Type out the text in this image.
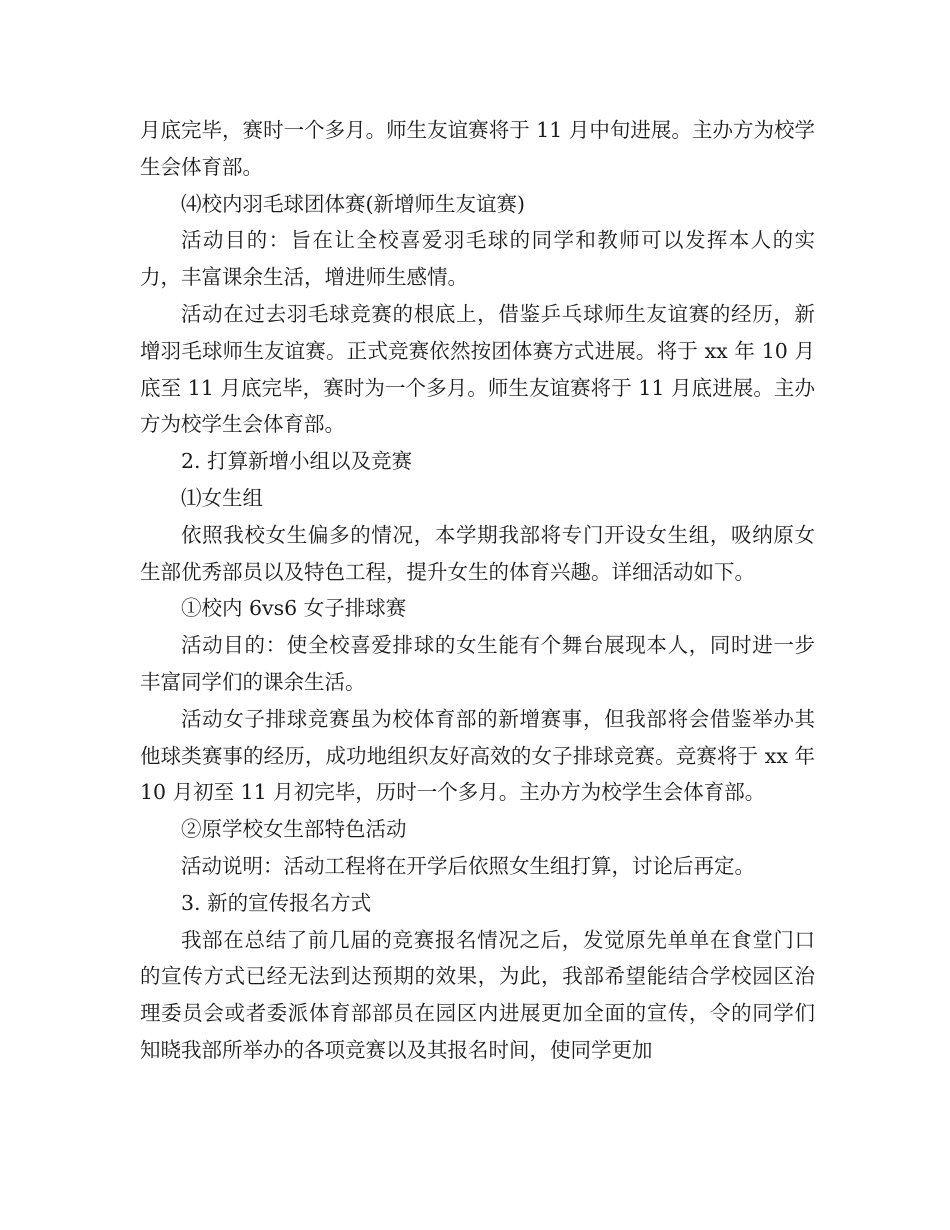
月底完毕，赛时一个多月。师生友谊赛将于 11 月中旬进展。主办方为校学生会体育部。

⑷校内羽毛球团体赛(新增师生友谊赛)

活动目的：旨在让全校喜爱羽毛球的同学和教师可以发挥本人的实力，丰富课余生活，增进师生感情。

活动在过去羽毛球竞赛的根底上，借鉴乒乓球师生友谊赛的经历，新增羽毛球师生友谊赛。正式竞赛依然按团体赛方式进展。将于 xx 年 10 月底至 11 月底完毕，赛时为一个多月。师生友谊赛将于 11 月底进展。主办方为校学生会体育部。

2. 打算新增小组以及竞赛

⑴女生组

依照我校女生偏多的情况，本学期我部将专门开设女生组，吸纳原女生部优秀部员以及特色工程，提升女生的体育兴趣。详细活动如下。

①校内 6vs6 女子排球赛

活动目的：使全校喜爱排球的女生能有个舞台展现本人，同时进一步丰富同学们的课余生活。

活动女子排球竞赛虽为校体育部的新增赛事，但我部将会借鉴举办其他球类赛事的经历，成功地组织友好高效的女子排球竞赛。竞赛将于 xx 年 10 月初至 11 月初完毕，历时一个多月。主办方为校学生会体育部。

②原学校女生部特色活动

活动说明：活动工程将在开学后依照女生组打算，讨论后再定。

3. 新的宣传报名方式

我部在总结了前几届的竞赛报名情况之后，发觉原先单单在食堂门口的宣传方式已经无法到达预期的效果，为此，我部希望能结合学校园区治理委员会或者委派体育部部员在园区内进展更加全面的宣传，令的同学们知晓我部所举办的各项竞赛以及其报名时间，使同学更加
